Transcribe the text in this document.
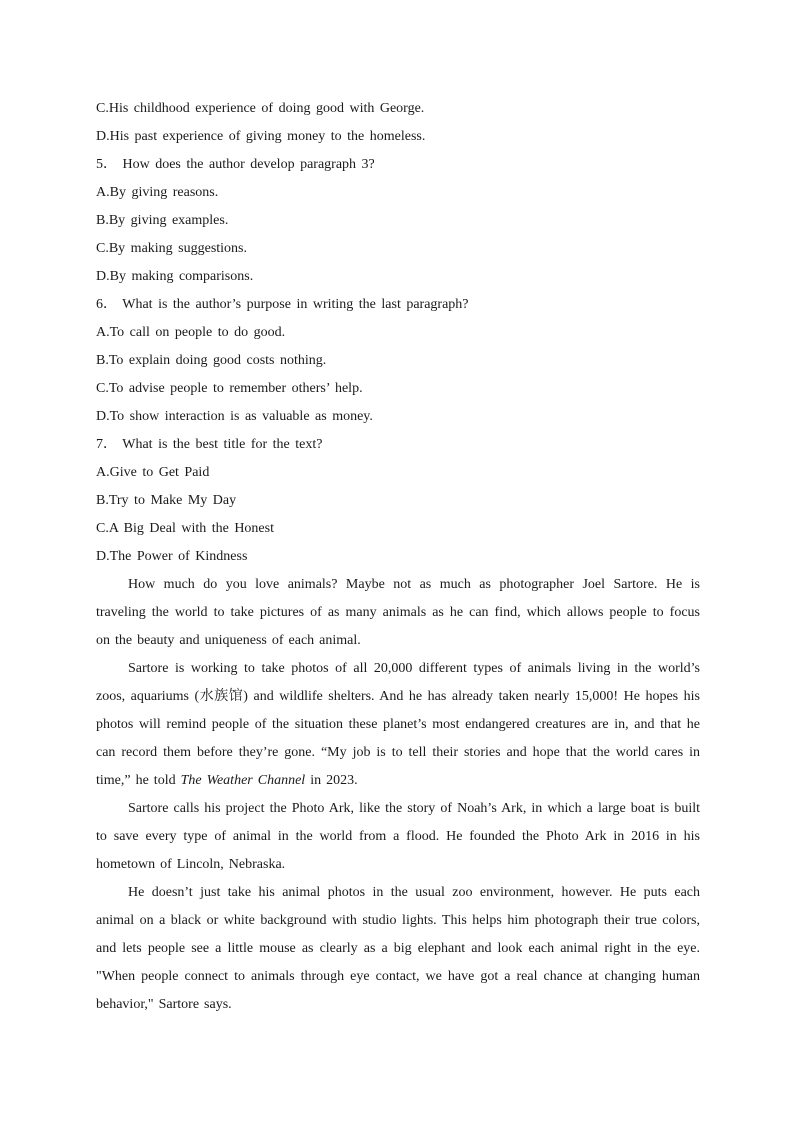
C.His childhood experience of doing good with George.
D.His past experience of giving money to the homeless.
5． How does the author develop paragraph 3?
A.By giving reasons.
B.By giving examples.
C.By making suggestions.
D.By making comparisons.
6． What is the author’s purpose in writing the last paragraph?
A.To call on people to do good.
B.To explain doing good costs nothing.
C.To advise people to remember others’ help.
D.To show interaction is as valuable as money.
7． What is the best title for the text?
A.Give to Get Paid
B.Try to Make My Day
C.A Big Deal with the Honest
D.The Power of Kindness

How much do you love animals? Maybe not as much as photographer Joel Sartore. He is traveling the world to take pictures of as many animals as he can find, which allows people to focus on the beauty and uniqueness of each animal.

Sartore is working to take photos of all 20,000 different types of animals living in the world’s zoos, aquariums (水族馆) and wildlife shelters. And he has already taken nearly 15,000! He hopes his photos will remind people of the situation these planet’s most endangered creatures are in, and that he can record them before they’re gone. “My job is to tell their stories and hope that the world cares in time,” he told The Weather Channel in 2023.

Sartore calls his project the Photo Ark, like the story of Noah’s Ark, in which a large boat is built to save every type of animal in the world from a flood. He founded the Photo Ark in 2016 in his hometown of Lincoln, Nebraska.

He doesn’t just take his animal photos in the usual zoo environment, however. He puts each animal on a black or white background with studio lights. This helps him photograph their true colors, and lets people see a little mouse as clearly as a big elephant and look each animal right in the eye. "When people connect to animals through eye contact, we have got a real chance at changing human behavior," Sartore says.
